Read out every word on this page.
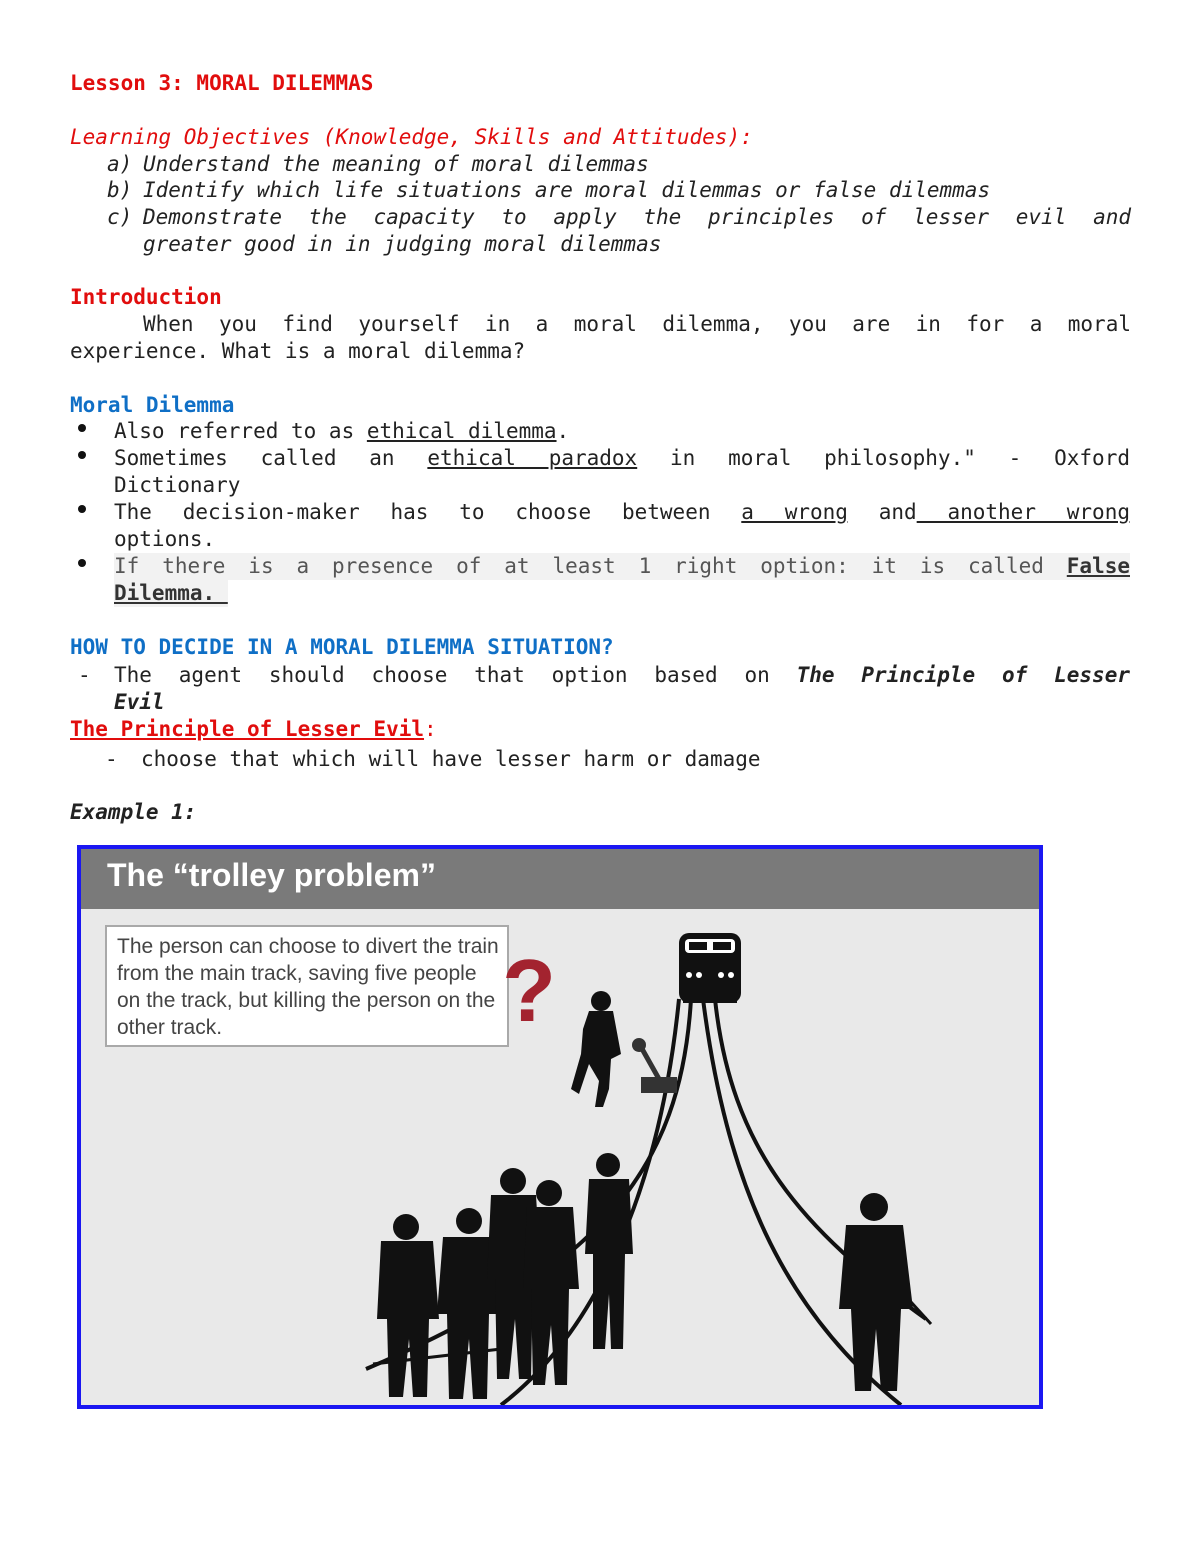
Lesson 3: MORAL DILEMMAS
Learning Objectives (Knowledge, Skills and Attitudes):
a) Understand the meaning of moral dilemmas
b) Identify which life situations are moral dilemmas or false dilemmas
c) Demonstrate the capacity to apply the principles of lesser evil and
greater good in in judging moral dilemmas
Introduction
When you find yourself in a moral dilemma, you are in for a moral
experience. What is a moral dilemma?
Moral Dilemma
Also referred to as ethical dilemma.
Sometimes called an ethical paradox in moral philosophy." - Oxford
Dictionary
The decision-maker has to choose between a wrong and another wrong
options.
If there is a presence of at least 1 right option: it is called False
Dilemma.
HOW TO DECIDE IN A MORAL DILEMMA SITUATION?
- The agent should choose that option based on The Principle of Lesser
Evil
The Principle of Lesser Evil:
- choose that which will have lesser harm or damage
Example 1:
The “trolley problem”
The person can choose to divert the train from the main track, saving five people on the track, but killing the person on the other track.	?
